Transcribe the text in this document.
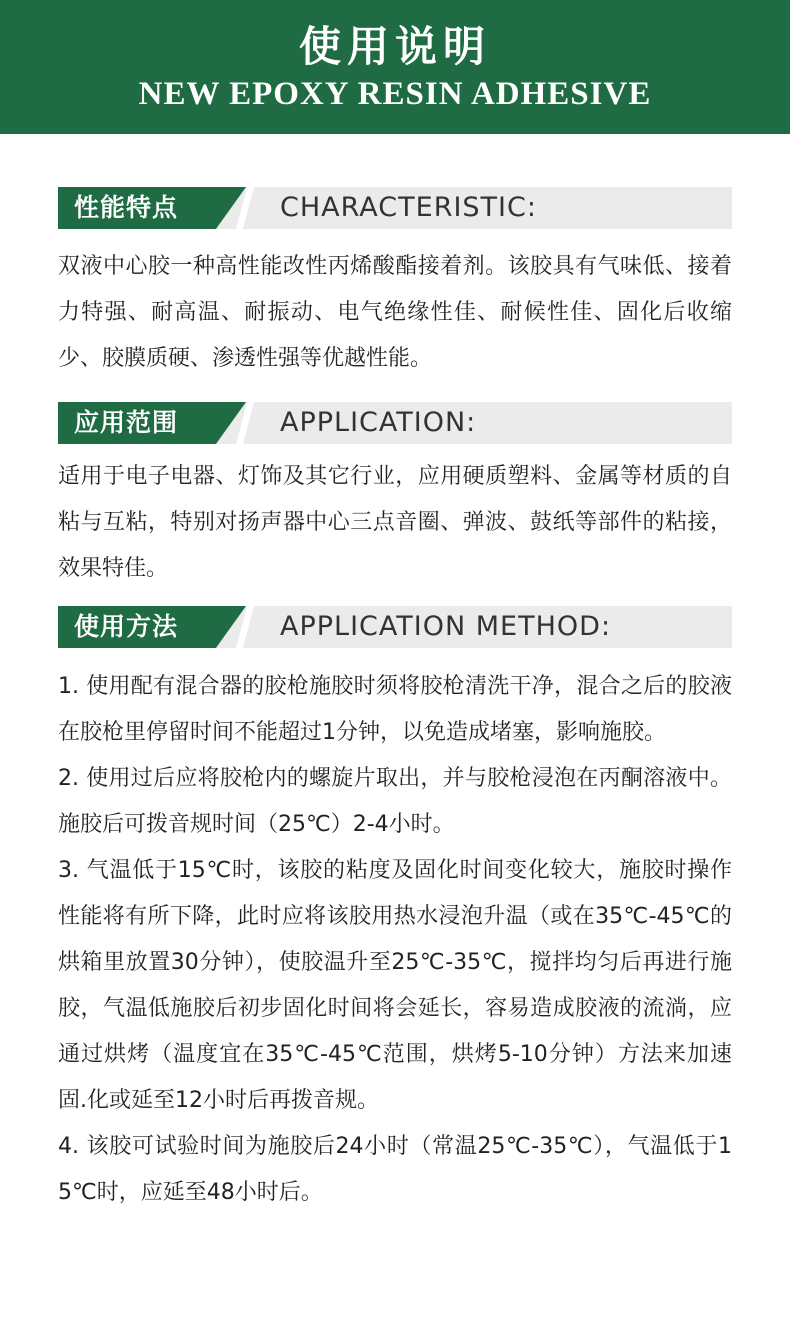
使用说明
NEW EPOXY RESIN ADHESIVE
性能特点	CHARACTERISTIC:
双液中心胶一种高性能改性丙烯酸酯接着剂。该胶具有气味低、接着力特强、耐高温、耐振动、电气绝缘性佳、耐候性佳、固化后收缩少、胶膜质硬、渗透性强等优越性能。
应用范围	APPLICATION:
适用于电子电器、灯饰及其它行业，应用硬质塑料、金属等材质的自粘与互粘，特别对扬声器中心三点音圈、弹波、鼓纸等部件的粘接，效果特佳。
使用方法	APPLICATION METHOD:

1. 使用配有混合器的胶枪施胶时须将胶枪清洗干净，混合之后的胶液在胶枪里停留时间不能超过1分钟，以免造成堵塞，影响施胶。

2. 使用过后应将胶枪内的螺旋片取出，并与胶枪浸泡在丙酮溶液中。施胶后可拨音规时间（25℃）2-4小时。

3. 气温低于15℃时，该胶的粘度及固化时间变化较大，施胶时操作性能将有所下降，此时应将该胶用热水浸泡升温（或在35℃-45℃的烘箱里放置30分钟），使胶温升至25℃-35℃，搅拌均匀后再进行施胶，气温低施胶后初步固化时间将会延长，容易造成胶液的流淌，应通过烘烤（温度宜在35℃-45℃范围，烘烤5-10分钟）方法来加速固.化或延至12小时后再拨音规。

4. 该胶可试验时间为施胶后24小时（常温25℃-35℃），气温低于15℃时，应延至48小时后。
